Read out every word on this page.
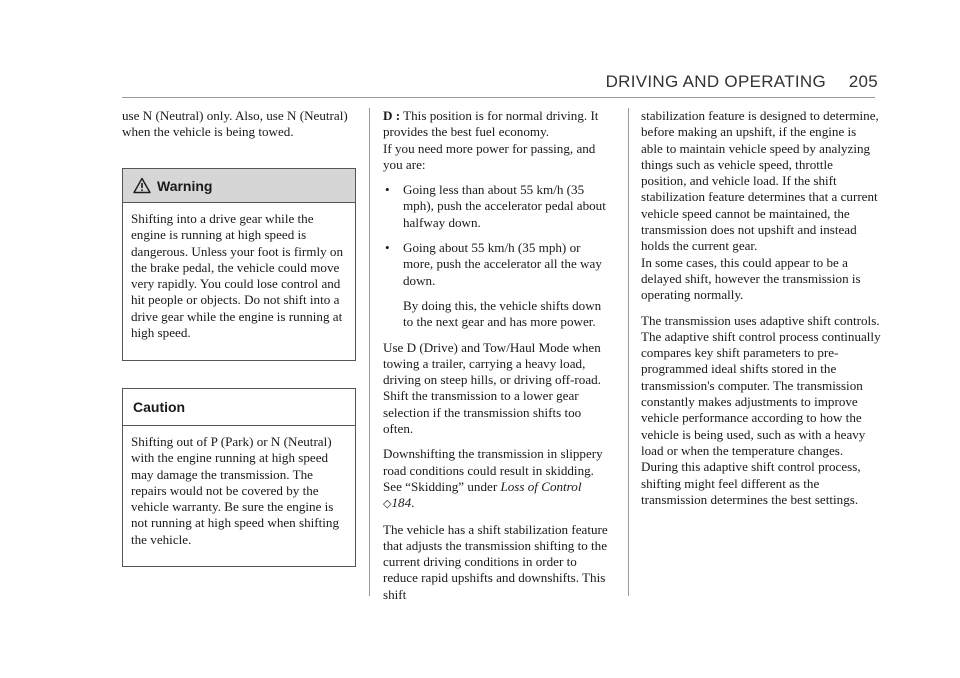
DRIVING AND OPERATING 205

use N (Neutral) only. Also, use N (Neutral) when the vehicle is being towed.

Warning
Shifting into a drive gear while the engine is running at high speed is dangerous. Unless your foot is firmly on the brake pedal, the vehicle could move very rapidly. You could lose control and hit people or objects. Do not shift into a drive gear while the engine is running at high speed.
Caution
Shifting out of P (Park) or N (Neutral) with the engine running at high speed may damage the transmission. The repairs would not be covered by the vehicle warranty. Be sure the engine is not running at high speed when shifting the vehicle.

D : This position is for normal driving. It provides the best fuel economy.
If you need more power for passing, and you are:

• Going less than about 55 km/h (35 mph), push the accelerator pedal about halfway down.
• Going about 55 km/h (35 mph) or more, push the accelerator all the way down.
By doing this, the vehicle shifts down to the next gear and has more power.

Use D (Drive) and Tow/Haul Mode when towing a trailer, carrying a heavy load, driving on steep hills, or driving off-road. Shift the transmission to a lower gear selection if the transmission shifts too often.

Downshifting the transmission in slippery road conditions could result in skidding. See “Skidding” under Loss of Control ◇184.

The vehicle has a shift stabilization feature that adjusts the transmission shifting to the current driving conditions in order to reduce rapid upshifts and downshifts. This shift

stabilization feature is designed to determine, before making an upshift, if the engine is able to maintain vehicle speed by analyzing things such as vehicle speed, throttle position, and vehicle load. If the shift stabilization feature determines that a current vehicle speed cannot be maintained, the transmission does not upshift and instead holds the current gear.

In some cases, this could appear to be a delayed shift, however the transmission is operating normally.

The transmission uses adaptive shift controls. The adaptive shift control process continually compares key shift parameters to pre-programmed ideal shifts stored in the transmission's computer. The transmission constantly makes adjustments to improve vehicle performance according to how the vehicle is being used, such as with a heavy load or when the temperature changes.

During this adaptive shift control process, shifting might feel different as the transmission determines the best settings.
